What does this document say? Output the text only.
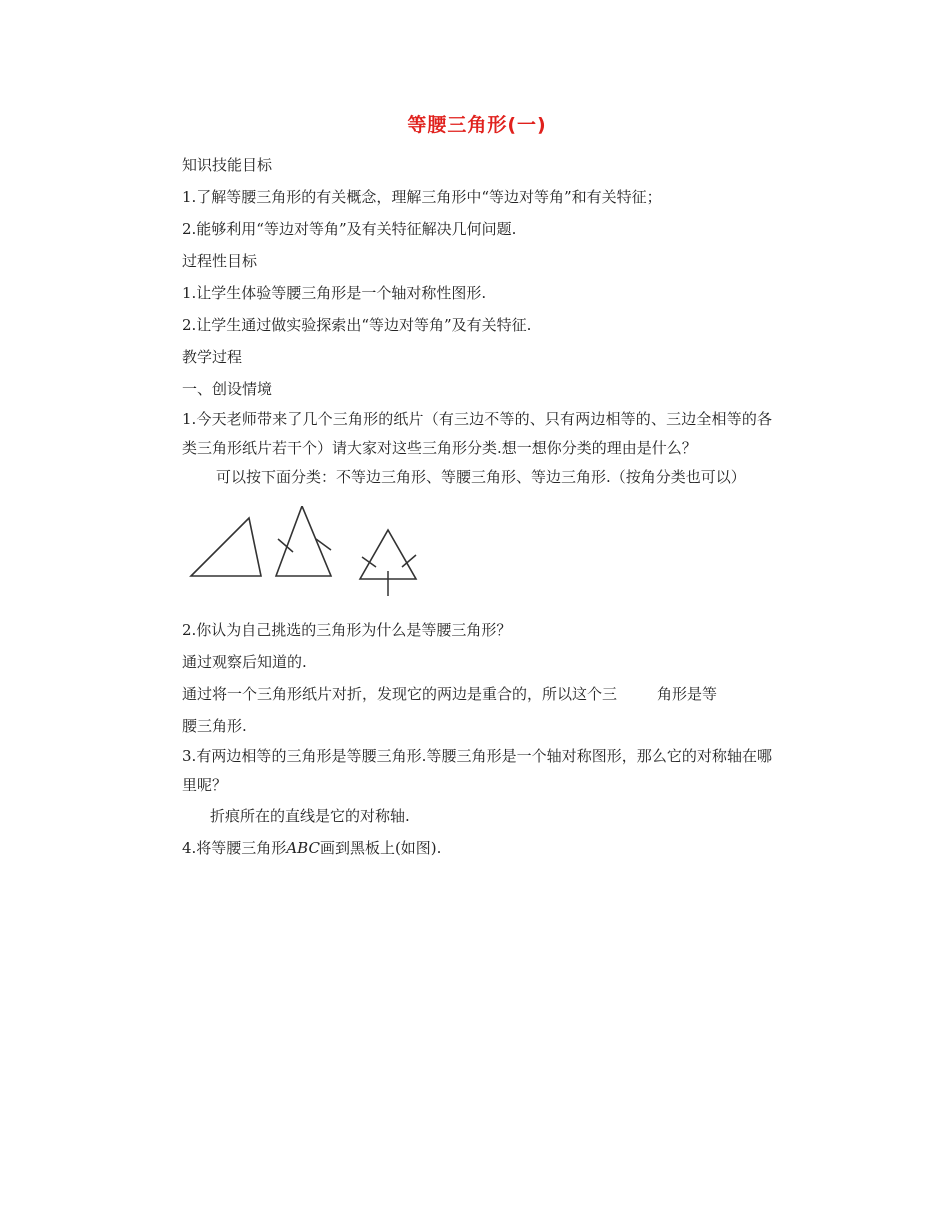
等腰三角形(一)

知识技能目标

1.了解等腰三角形的有关概念，理解三角形中“等边对等角”和有关特征；

2.能够利用“等边对等角”及有关特征解决几何问题.

过程性目标

1.让学生体验等腰三角形是一个轴对称性图形.

2.让学生通过做实验探索出“等边对等角”及有关特征.

教学过程

一、创设情境

1.今天老师带来了几个三角形的纸片（有三边不等的、只有两边相等的、三边全相等的各类三角形纸片若干个）请大家对这些三角形分类.想一想你分类的理由是什么？

可以按下面分类：不等边三角形、等腰三角形、等边三角形.（按角分类也可以）

2.你认为自己挑选的三角形为什么是等腰三角形？

通过观察后知道的.

通过将一个三角形纸片对折，发现它的两边是重合的，所以这个三	角形是等

腰三角形.

3.有两边相等的三角形是等腰三角形.等腰三角形是一个轴对称图形，那么它的对称轴在哪里呢？

折痕所在的直线是它的对称轴.

4.将等腰三角形ABC画到黑板上(如图).
